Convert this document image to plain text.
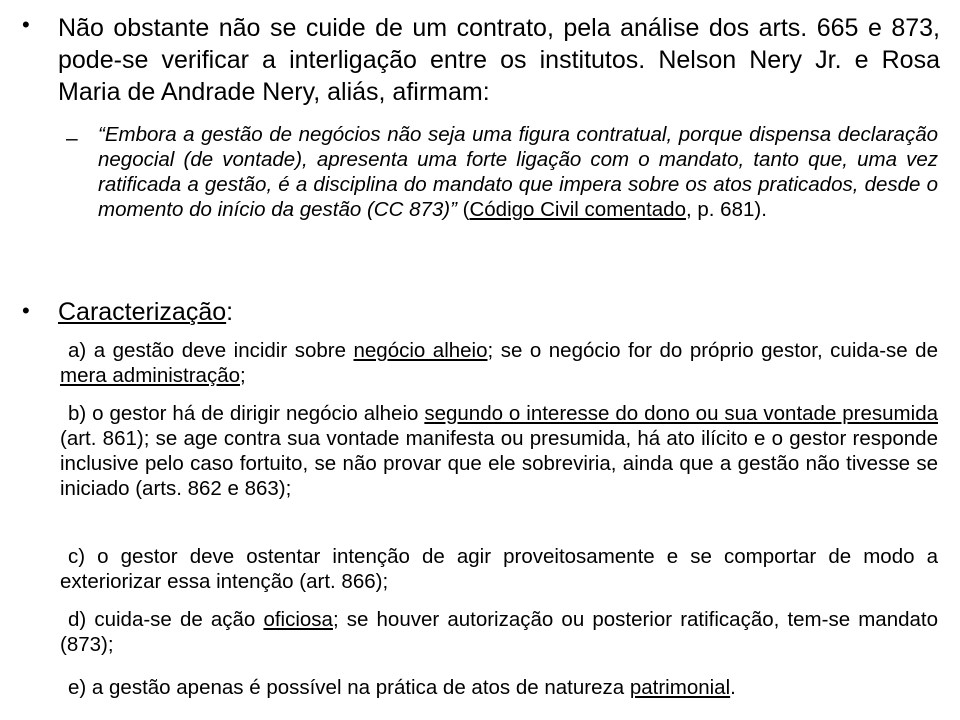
• Não obstante não se cuide de um contrato, pela análise dos arts. 665 e 873, pode-se verificar a interligação entre os institutos. Nelson Nery Jr. e Rosa Maria de Andrade Nery, aliás, afirmam:
– “Embora a gestão de negócios não seja uma figura contratual, porque dispensa declaração negocial (de vontade), apresenta uma forte ligação com o mandato, tanto que, uma vez ratificada a gestão, é a disciplina do mandato que impera sobre os atos praticados, desde o momento do início da gestão (CC 873)” (Código Civil comentado, p. 681).
• Caracterização:
a) a gestão deve incidir sobre negócio alheio; se o negócio for do próprio gestor, cuida-se de mera administração;
b) o gestor há de dirigir negócio alheio segundo o interesse do dono ou sua vontade presumida (art. 861); se age contra sua vontade manifesta ou presumida, há ato ilícito e o gestor responde inclusive pelo caso fortuito, se não provar que ele sobreviria, ainda que a gestão não tivesse se iniciado (arts. 862 e 863);
c) o gestor deve ostentar intenção de agir proveitosamente e se comportar de modo a exteriorizar essa intenção (art. 866);
d) cuida-se de ação oficiosa; se houver autorização ou posterior ratificação, tem-se mandato (873);
e) a gestão apenas é possível na prática de atos de natureza patrimonial.
